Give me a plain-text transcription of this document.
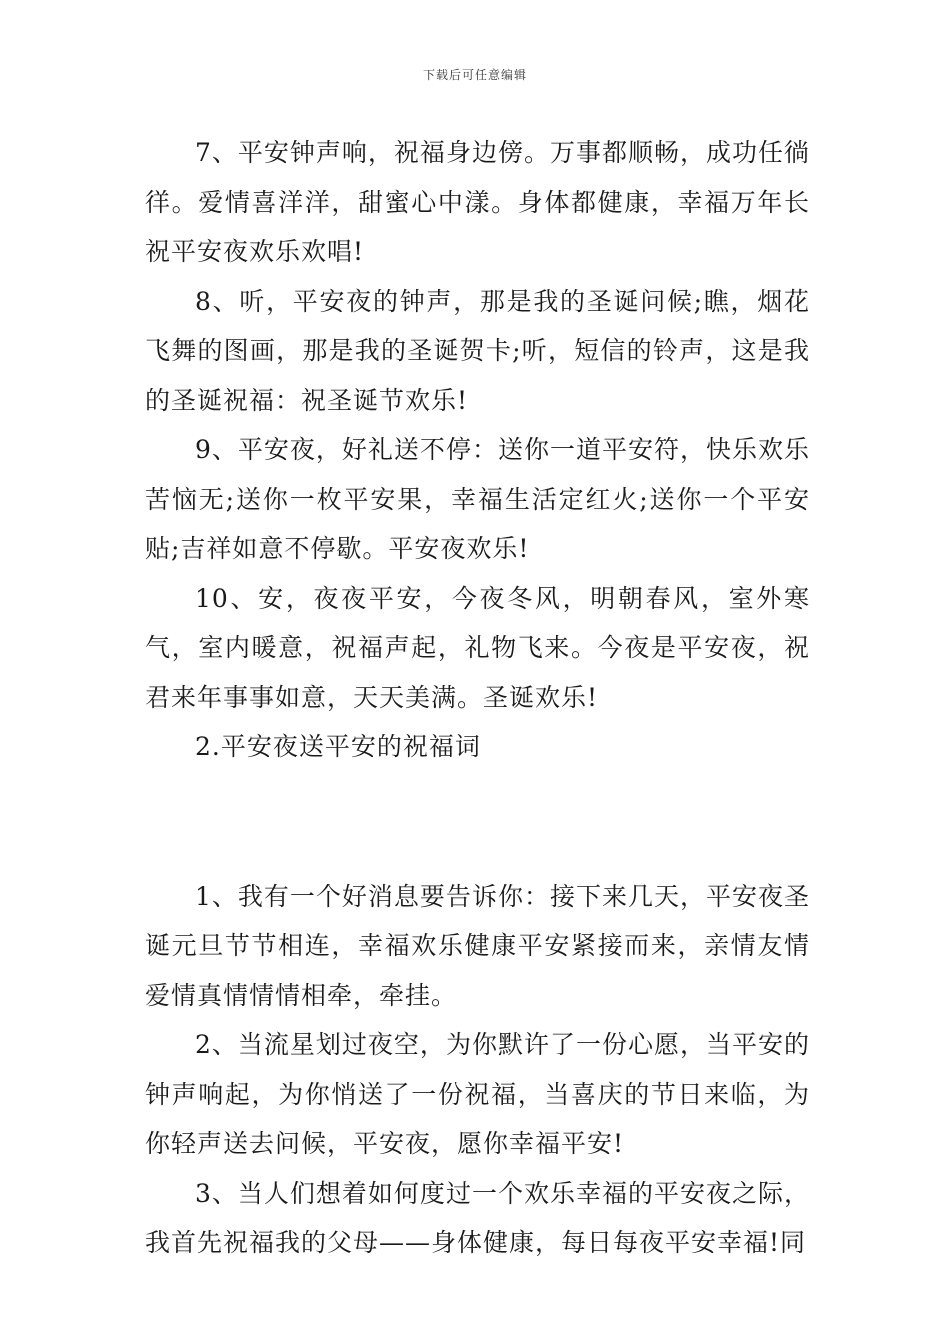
下载后可任意编辑

7、平安钟声响，祝福身边傍。万事都顺畅，成功任徜徉。爱情喜洋洋，甜蜜心中漾。身体都健康，幸福万年长祝平安夜欢乐欢唱!

8、听，平安夜的钟声，那是我的圣诞问候;瞧，烟花飞舞的图画，那是我的圣诞贺卡;听，短信的铃声，这是我的圣诞祝福：祝圣诞节欢乐!

9、平安夜，好礼送不停：送你一道平安符，快乐欢乐苦恼无;送你一枚平安果，幸福生活定红火;送你一个平安贴;吉祥如意不停歇。平安夜欢乐!

10、安，夜夜平安，今夜冬风，明朝春风，室外寒气，室内暖意，祝福声起，礼物飞来。今夜是平安夜，祝君来年事事如意，天天美满。圣诞欢乐!

2.平安夜送平安的祝福词

1、我有一个好消息要告诉你：接下来几天，平安夜圣诞元旦节节相连，幸福欢乐健康平安紧接而来，亲情友情爱情真情情情相牵，牵挂。

2、当流星划过夜空，为你默许了一份心愿，当平安的钟声响起，为你悄送了一份祝福，当喜庆的节日来临，为你轻声送去问候，平安夜，愿你幸福平安!

3、当人们想着如何度过一个欢乐幸福的平安夜之际，我首先祝福我的父母——身体健康，每日每夜平安幸福!同
